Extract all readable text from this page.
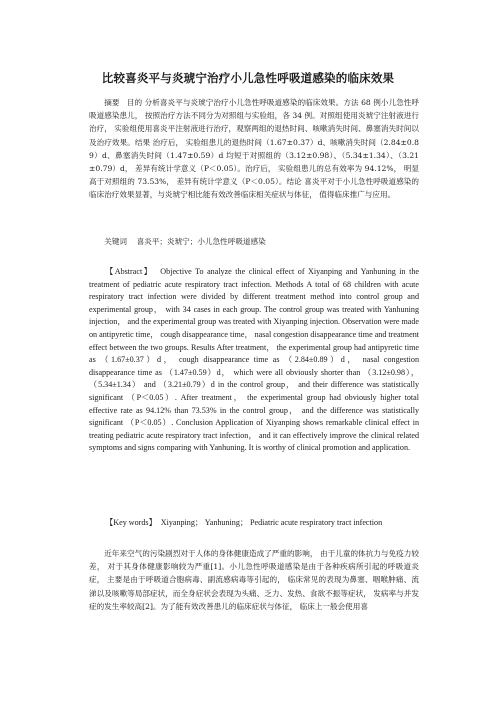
比较喜炎平与炎琥宁治疗小儿急性呼吸道感染的临床效果
摘要 目的 分析喜炎平与炎琥宁治疗小儿急性呼吸道感染的临床效果。方法 68 例小儿急性呼吸道感染患儿， 按照治疗方法不同分为对照组与实验组，各 34 例。对照组使用炎琥宁注射液进行治疗， 实验组使用喜炎平注射液进行治疗，观察两组的退热时间、咳嗽消失时间、鼻塞消失时间以及治疗效果。结果 治疗后， 实验组患儿的退热时间（1.67±0.37）d、咳嗽消失时间（2.84±0.89）d、鼻塞消失时间（1.47±0.59）d 均短于对照组的（3.12±0.98）、（5.34±1.34）、（3.21±0.79）d， 差异有统计学意义（P＜0.05）。治疗后， 实验组患儿的总有效率为 94.12%， 明显高于对照组的 73.53%， 差异有统计学意义（P＜0.05）。结论 喜炎平对于小儿急性呼吸道感染的临床治疗效果显著，与炎琥宁相比能有效改善临床相关症状与体征， 值得临床推广与应用。
关键词 喜炎平；炎琥宁；小儿急性呼吸道感染
【Abstract】 Objective To analyze the clinical effect of Xiyanping and Yanhuning in the treatment of pediatric acute respiratory tract infection. Methods A total of 68 children with acute respiratory tract infection were divided by different treatment method into control group and experimental group， with 34 cases in each group. The control group was treated with Yanhuning injection， and the experimental group was treated with Xiyanping injection. Observation were made on antipyretic time， cough disappearance time， nasal congestion disappearance time and treatment effect between the two groups. Results After treatment， the experimental group had antipyretic time as （1.67±0.37）d， cough disappearance time as （2.84±0.89）d， nasal congestion disappearance time as （1.47±0.59）d， which were all obviously shorter than （3.12±0.98），（5.34±1.34） and （3.21±0.79）d in the control group， and their difference was statistically significant （P＜0.05）. After treatment， the experimental group had obviously higher total effective rate as 94.12% than 73.53% in the control group， and the difference was statistically significant （P＜0.05）. Conclusion Application of Xiyanping shows remarkable clinical effect in treating pediatric acute respiratory tract infection， and it can effectively improve the clinical related symptoms and signs comparing with Yanhuning. It is worthy of clinical promotion and application.
【Key words】 Xiyanping； Yanhuning； Pediatric acute respiratory tract infection
近年来空气的污染剧烈对于人体的身体健康造成了严重的影响， 由于儿童的体抗力与免疫力较差， 对于其身体健康影响较为严重[1]。小儿急性呼吸道感染是由于各种疾病所引起的呼吸道炎症， 主要是由于呼吸道合胞病毒、副流感病毒等引起的， 临床常见的表现为鼻塞、咽喉肿痛、流涕以及咳嗽等局部症状，而全身症状会表现为头痛、乏力、发热、食欲不振等症状， 发病率与并发症的发生率较高[2]。为了能有效改善患儿的临床症状与体征， 临床上一般会使用喜
